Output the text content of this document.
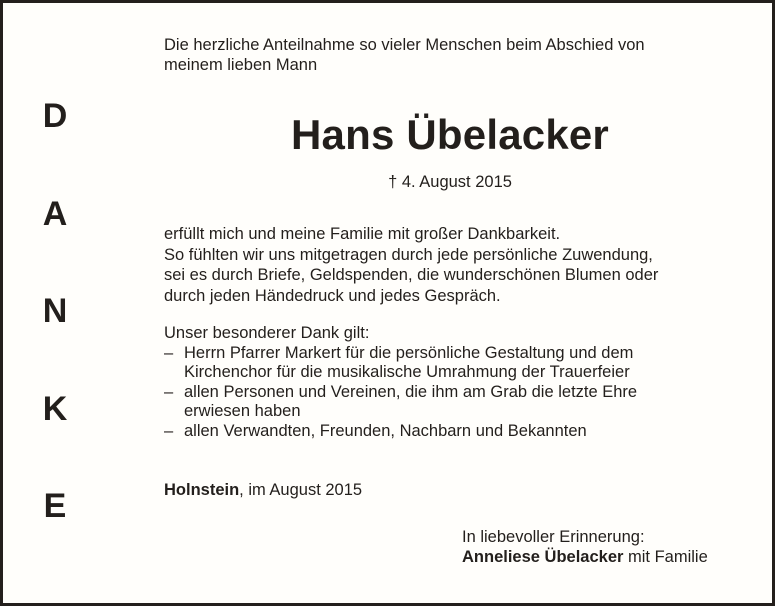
D
A
N
K
E

Die herzliche Anteilnahme so vieler Menschen beim Abschied von
meinem lieben Mann

Hans Übelacker
† 4. August 2015
erfüllt mich und meine Familie mit großer Dankbarkeit.
So fühlten wir uns mitgetragen durch jede persönliche Zuwendung,
sei es durch Briefe, Geldspenden, die wunderschönen Blumen oder
durch jeden Händedruck und jedes Gespräch.
Unser besonderer Dank gilt:
– Herrn Pfarrer Markert für die persönliche Gestaltung und dem
Kirchenchor für die musikalische Umrahmung der Trauerfeier
– allen Personen und Vereinen, die ihm am Grab die letzte Ehre
erwiesen haben
– allen Verwandten, Freunden, Nachbarn und Bekannten
Holnstein, im August 2015
In liebevoller Erinnerung:
Anneliese Übelacker mit Familie
